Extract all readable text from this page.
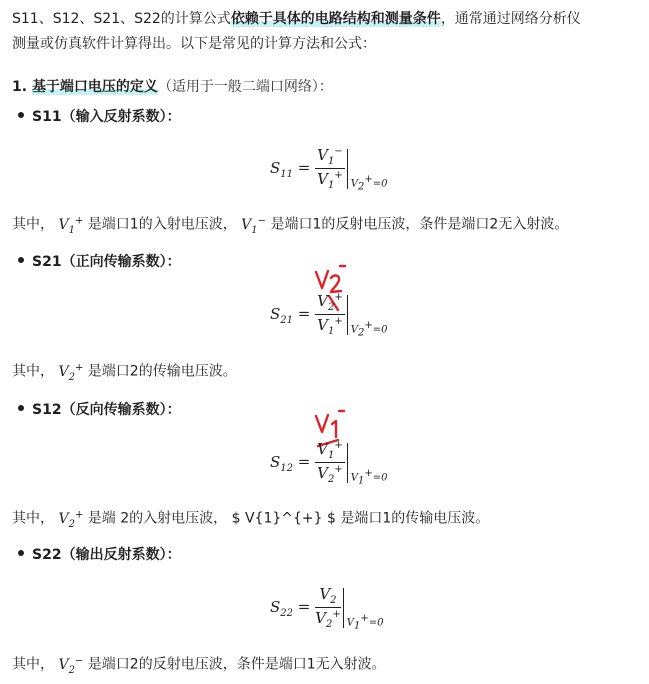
S11、S12、S21、S22的计算公式依赖于具体的电路结构和测量条件，通常通过网络分析仪
测量或仿真软件计算得出。以下是常见的计算方法和公式：
1. 基于端口电压的定义（适用于一般二端口网络）：
S11（输入反射系数）：
$S_{11} = \frac{V_1^-}{V_1^+} V_2^+=0$
其中， $V_1^+$ 是端口1的入射电压波， $V_1^-$ 是端口1的反射电压波，条件是端口2无入射波。
S21（正向传输系数）：
$S_{21} = \frac{V_2^+}{V_1^+} V_2^+=0$
其中， $V_2^+$ 是端口2的传输电压波。
S12（反向传输系数）：
$S_{12} = \frac{V_1^+}{V_2^+} V_1^+=0$
其中， $V_2^+$ 是端 2的入射电压波， $ V{1}^{+} $ 是端口1的传输电压波。
S22（输出反射系数）：
$S_{22} = \frac{V_2}{V_2^+} V_1^+=0$
其中， $V_2^-$ 是端口2的反射电压波，条件是端口1无入射波。
